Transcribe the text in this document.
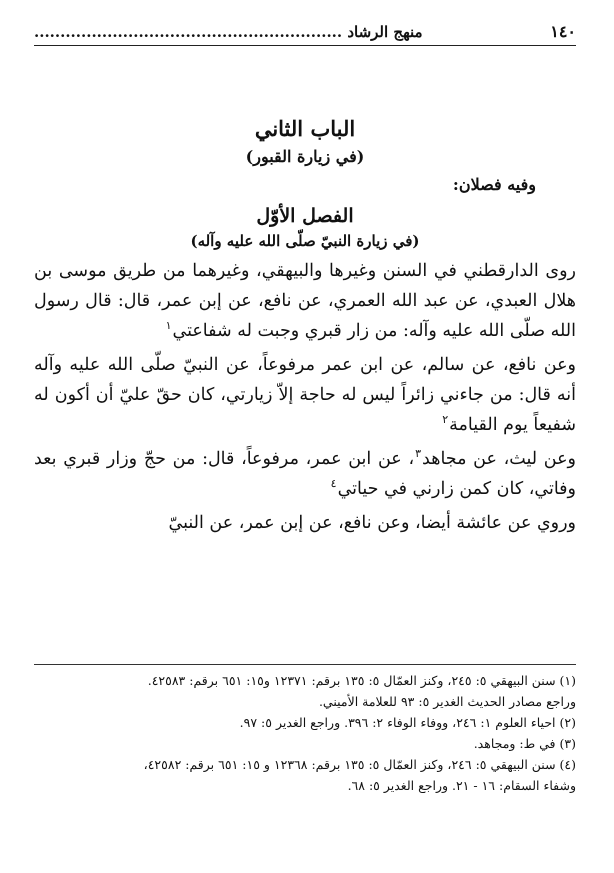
١٤٠
منهج الرشاد ...........................................................
الباب الثاني
(في زيارة القبور)
وفيه فصلان:
الفصل الأوّل
(في زيارة النبيّ صلّى الله عليه وآله)

روى الدارقطني في السنن وغيرها والبيهقي، وغيرهما من طريق موسى بن هلال العبدي، عن عبد الله العمري، عن نافع، عن إبن عمر، قال: قال رسول الله صلّى الله عليه وآله: من زار قبري وجبت له شفاعتي$^١$

وعن نافع، عن سالم، عن ابن عمر مرفوعاً، عن النبيّ صلّى الله عليه وآله أنه قال: من جاءني زائراً ليس له حاجة إلاّ زيارتي، كان حقّ عليّ أن أكون له شفيعاً يوم القيامة$^٢$

وعن ليث، عن مجاهد$^٣$، عن ابن عمر، مرفوعاً، قال: من حجّ وزار قبري بعد وفاتي، كان كمن زارني في حياتي$^٤$

وروي عن عائشة أيضا، وعن نافع، عن إبن عمر، عن النبيّ

(١) سنن البيهقي ٥: ٢٤٥، وكنز العمّال ٥: ١٣٥ برقم: ١٢٣٧١ و١٥: ٦٥١ برقم: ٤٢٥٨٣.

وراجع مصادر الحديث الغدير ٥: ٩٣ للعلامة الأميني.

(٢) احياء العلوم ١: ٢٤٦، ووفاء الوفاء ٢: ٣٩٦. وراجع الغدير ٥: ٩٧.

(٣) في ط: ومجاهد.

(٤) سنن البيهقي ٥: ٢٤٦، وكنز العمّال ٥: ١٣٥ برقم: ١٢٣٦٨ و ١٥: ٦٥١ برقم: ٤٢٥٨٢،

وشفاء السقام: ١٦ - ٢١. وراجع الغدير ٥: ٦٨.
